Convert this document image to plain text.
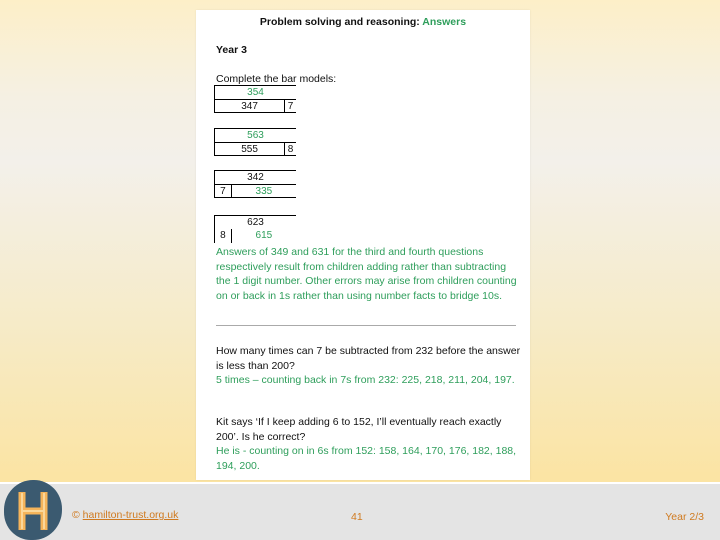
Problem solving and reasoning: Answers
Year 3
Complete the bar models:
354
347	7
563
555	8
342
7	335
623
8	615
Answers of 349 and 631 for the third and fourth questions respectively result from children adding rather than subtracting the 1 digit number. Other errors may arise from children counting on or back in 1s rather than using number facts to bridge 10s.
How many times can 7 be subtracted from 232 before the answer is less than 200?
5 times – counting back in 7s from 232: 225, 218, 211, 204, 197.
Kit says ‘If I keep adding 6 to 152, I’ll eventually reach exactly 200’. Is he correct?
He is - counting on in 6s from 152: 158, 164, 170, 176, 182, 188, 194, 200.
© hamilton-trust.org.uk	41	Year 2/3
